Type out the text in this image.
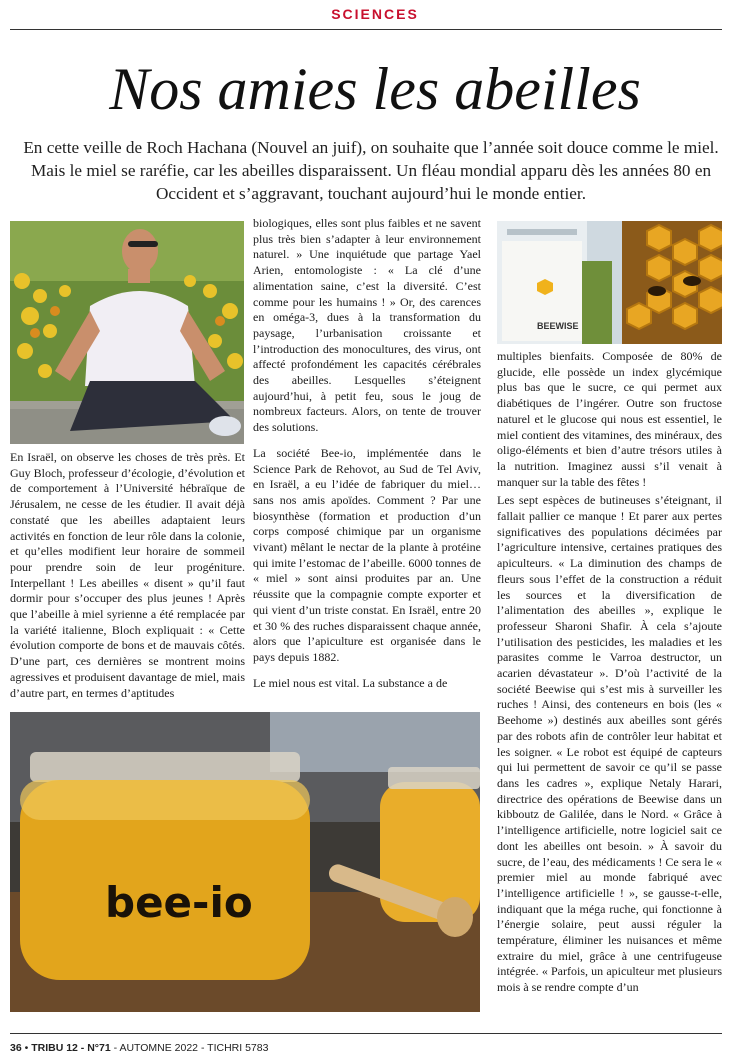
SCIENCES
Nos amies les abeilles

En cette veille de Roch Hachana (Nouvel an juif), on souhaite que l’année soit douce comme le miel. Mais le miel se raréfie, car les abeilles disparaissent. Un fléau mondial apparu dès les années 80 en Occident et s’aggravant, touchant aujourd’hui le monde entier.

BEEWISE
bee-io

En Israël, on observe les choses de très près. Et Guy Bloch, professeur d’écologie, d’évolution et de comportement à l’Université hébraïque de Jérusalem, ne cesse de les étudier. Il avait déjà constaté que les abeilles adaptaient leurs activités en fonction de leur rôle dans la colonie, et qu’elles modifient leur horaire de sommeil pour prendre soin de leur progéniture. Interpellant ! Les abeilles « disent » qu’il faut dormir pour s’occuper des plus jeunes ! Après que l’abeille à miel syrienne a été remplacée par la variété italienne, Bloch expliquait : « Cette évolution comporte de bons et de mauvais côtés. D’une part, ces dernières se montrent moins agressives et produisent davantage de miel, mais d’autre part, en termes d’aptitudes

biologiques, elles sont plus faibles et ne savent plus très bien s’adapter à leur environnement naturel. » Une inquiétude que partage Yael Arien, entomologiste : « La clé d’une alimentation saine, c’est la diversité. C’est comme pour les humains ! » Or, des carences en oméga-3, dues à la transformation du paysage, l’urbanisation croissante et l’introduction des monocultures, des virus, ont affecté profondément les capacités cérébrales des abeilles. Lesquelles s’éteignent aujourd’hui, à petit feu, sous le joug de nombreux facteurs. Alors, on tente de trouver des solutions.

La société Bee-io, implémentée dans le Science Park de Rehovot, au Sud de Tel Aviv, en Israël, a eu l’idée de fabriquer du miel… sans nos amis apoïdes. Comment ? Par une biosynthèse (formation et production d’un corps composé chimique par un organisme vivant) mêlant le nectar de la plante à protéine qui imite l’estomac de l’abeille. 6000 tonnes de « miel » sont ainsi produites par an. Une réussite que la compagnie compte exporter et qui vient d’un triste constat. En Israël, entre 20 et 30 % des ruches disparaissent chaque année, alors que l’apiculture est organisée dans le pays depuis 1882.

Le miel nous est vital. La substance a de

multiples bienfaits. Composée de 80% de glucide, elle possède un index glycémique plus bas que le sucre, ce qui permet aux diabétiques de l’ingérer. Outre son fructose naturel et le glucose qui nous est essentiel, le miel contient des vitamines, des minéraux, des oligo-éléments et bien d’autre trésors utiles à la nutrition. Imaginez aussi s’il venait à manquer sur la table des fêtes !

Les sept espèces de butineuses s’éteignant, il fallait pallier ce manque ! Et parer aux pertes significatives des populations décimées par l’agriculture intensive, certaines pratiques des apiculteurs. « La diminution des champs de fleurs sous l’effet de la construction a réduit les sources et la diversification de l’alimentation des abeilles », explique le professeur Sharoni Shafir. À cela s’ajoute l’utilisation des pesticides, les maladies et les parasites comme le Varroa destructor, un acarien dévastateur ». D’où l’activité de la société Beewise qui s’est mis à surveiller les ruches ! Ainsi, des conteneurs en bois (les « Beehome ») destinés aux abeilles sont gérés par des robots afin de contrôler leur habitat et les soigner. « Le robot est équipé de capteurs qui lui permettent de savoir ce qu’il se passe dans les cadres », explique Netaly Harari, directrice des opérations de Beewise dans un kibboutz de Galilée, dans le Nord. « Grâce à l’intelligence artificielle, notre logiciel sait ce dont les abeilles ont besoin. » À savoir du sucre, de l’eau, des médicaments ! Ce sera le « premier miel au monde fabriqué avec l’intelligence artificielle ! », se gausse-t-elle, indiquant que la méga ruche, qui fonctionne à l’énergie solaire, peut aussi réguler la température, éliminer les nuisances et même extraire du miel, grâce à une centrifugeuse intégrée. « Parfois, un apiculteur met plusieurs mois à se rendre compte d’un

36 • TRIBU 12 - N°71 - AUTOMNE 2022 - TICHRI 5783
